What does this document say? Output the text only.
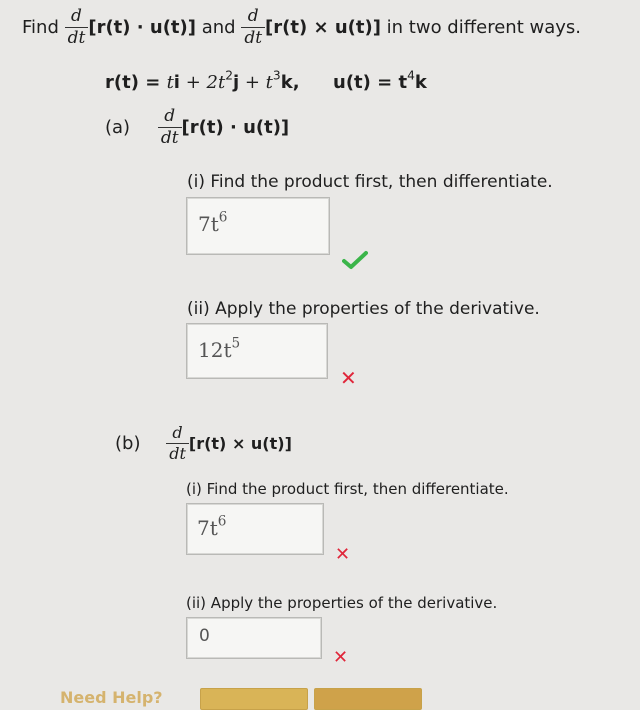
Find $\frac{d}{dt} [r(t) \cdot u(t)]$ and $\frac{d}{dt} [r(t) \times u(t)]$ in two different ways.
r(t) = ti + $2t^2j + t^3k$, $u(t) = t^4k$
$(a) \frac{d}{dt} [r(t) \cdot u(t)]$
(i) Find the product first, then differentiate.
$7t^6$
(ii) Apply the properties of the derivative.
$12t^5$
✕
$(b) \frac{d}{dt} [r(t) \times u(t)]$
(i) Find the product first, then differentiate.
$7t^6$
✕
(ii) Apply the properties of the derivative.
0
✕
Need Help?
